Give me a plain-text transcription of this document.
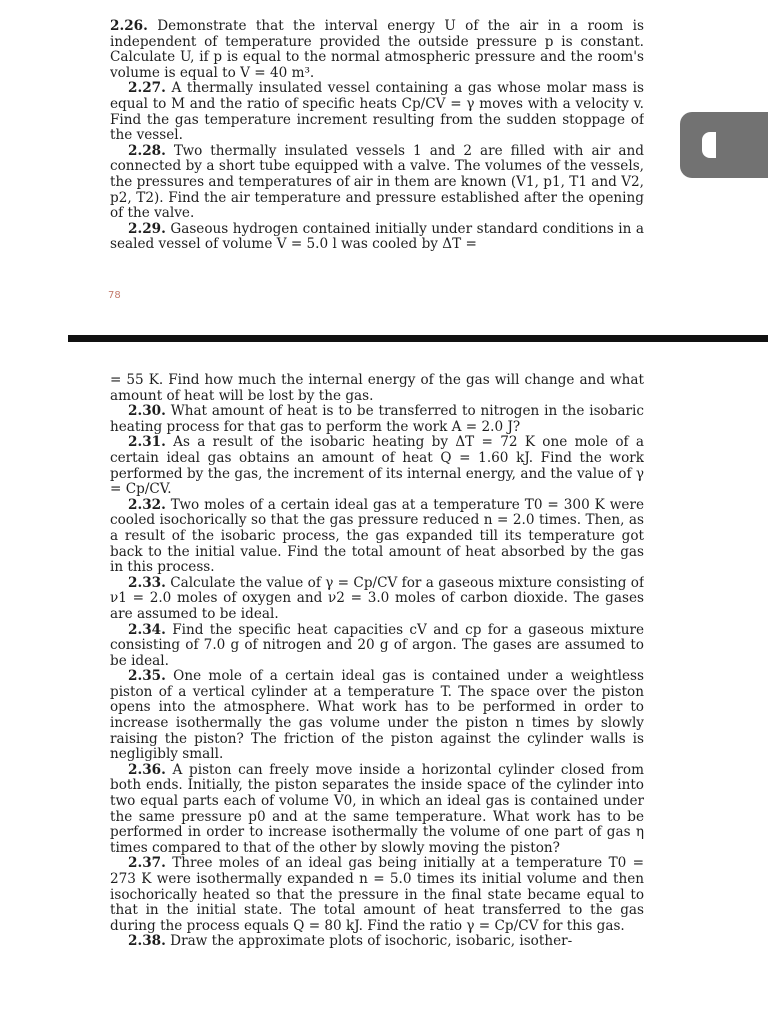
2.26. Demonstrate that the interval energy U of the air in a room is independent of temperature provided the outside pressure p is constant. Calculate U, if p is equal to the normal atmospheric pressure and the room's volume is equal to V = 40 m³.

2.27. A thermally insulated vessel containing a gas whose molar mass is equal to M and the ratio of specific heats Cp/CV = γ moves with a velocity v. Find the gas temperature increment resulting from the sudden stoppage of the vessel.

2.28. Two thermally insulated vessels 1 and 2 are filled with air and connected by a short tube equipped with a valve. The volumes of the vessels, the pressures and temperatures of air in them are known (V1, p1, T1 and V2, p2, T2). Find the air temperature and pressure established after the opening of the valve.

2.29. Gaseous hydrogen contained initially under standard conditions in a sealed vessel of volume V = 5.0 l was cooled by ΔT =

78

= 55 K. Find how much the internal energy of the gas will change and what amount of heat will be lost by the gas.

2.30. What amount of heat is to be transferred to nitrogen in the isobaric heating process for that gas to perform the work A = 2.0 J?

2.31. As a result of the isobaric heating by ΔT = 72 K one mole of a certain ideal gas obtains an amount of heat Q = 1.60 kJ. Find the work performed by the gas, the increment of its internal energy, and the value of γ = Cp/CV.

2.32. Two moles of a certain ideal gas at a temperature T0 = 300 K were cooled isochorically so that the gas pressure reduced n = 2.0 times. Then, as a result of the isobaric process, the gas expanded till its temperature got back to the initial value. Find the total amount of heat absorbed by the gas in this process.

2.33. Calculate the value of γ = Cp/CV for a gaseous mixture consisting of ν1 = 2.0 moles of oxygen and ν2 = 3.0 moles of carbon dioxide. The gases are assumed to be ideal.

2.34. Find the specific heat capacities cV and cp for a gaseous mixture consisting of 7.0 g of nitrogen and 20 g of argon. The gases are assumed to be ideal.

2.35. One mole of a certain ideal gas is contained under a weightless piston of a vertical cylinder at a temperature T. The space over the piston opens into the atmosphere. What work has to be performed in order to increase isothermally the gas volume under the piston n times by slowly raising the piston? The friction of the piston against the cylinder walls is negligibly small.

2.36. A piston can freely move inside a horizontal cylinder closed from both ends. Initially, the piston separates the inside space of the cylinder into two equal parts each of volume V0, in which an ideal gas is contained under the same pressure p0 and at the same temperature. What work has to be performed in order to increase isothermally the volume of one part of gas η times compared to that of the other by slowly moving the piston?

2.37. Three moles of an ideal gas being initially at a temperature T0 = 273 K were isothermally expanded n = 5.0 times its initial volume and then isochorically heated so that the pressure in the final state became equal to that in the initial state. The total amount of heat transferred to the gas during the process equals Q = 80 kJ. Find the ratio γ = Cp/CV for this gas.

2.38. Draw the approximate plots of isochoric, isobaric, isother-
